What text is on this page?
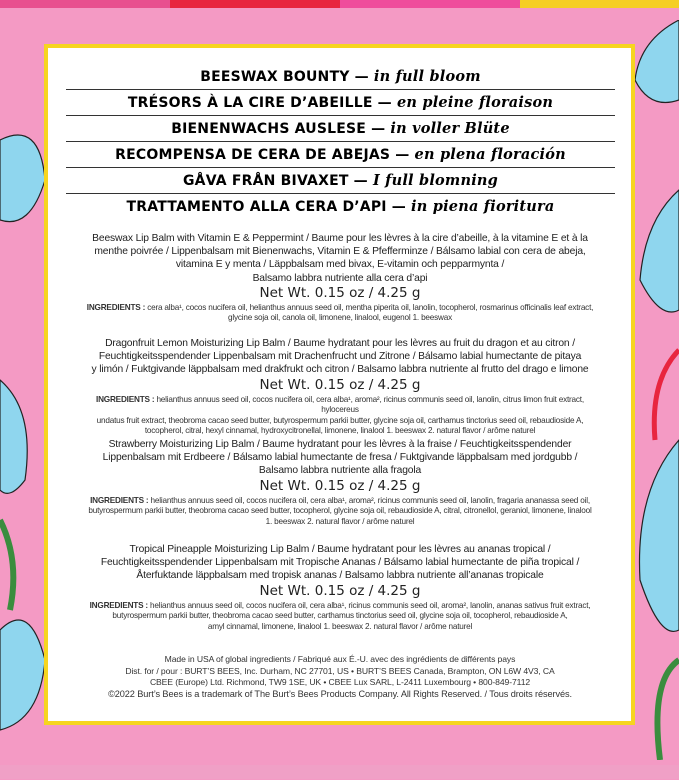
BEESWAX BOUNTY — in full bloom
TRÉSORS À LA CIRE D’ABEILLE — en pleine floraison
BIENENWACHS AUSLESE — in voller Blüte
RECOMPENSA DE CERA DE ABEJAS — en plena floración
GÅVA FRÅN BIVAXET — I full blomning
TRATTAMENTO ALLA CERA D’API — in piena fioritura
Beeswax Lip Balm with Vitamin E & Peppermint / Baume pour les lèvres à la cire d’abeille, à la vitamine E et à la
menthe poivrée / Lippenbalsam mit Bienenwachs, Vitamin E & Pfefferminze / Bálsamo labial con cera de abeja,
vitamina E y menta / Läppbalsam med bivax, E-vitamin och pepparmynta /
Balsamo labbra nutriente alla cera d’api
Net Wt. 0.15 oz / 4.25 g
INGREDIENTS : cera alba¹, cocos nucifera oil, helianthus annuus seed oil, mentha piperita oil, lanolin, tocopherol, rosmarinus officinalis leaf extract,
glycine soja oil, canola oil, limonene, linalool, eugenol 1. beeswax
Dragonfruit Lemon Moisturizing Lip Balm / Baume hydratant pour les lèvres au fruit du dragon et au citron /
Feuchtigkeitsspendender Lippenbalsam mit Drachenfrucht und Zitrone / Bálsamo labial humectante de pitaya
y limón / Fuktgivande läppbalsam med drakfrukt och citron / Balsamo labbra nutriente al frutto del drago e limone
Net Wt. 0.15 oz / 4.25 g
INGREDIENTS : helianthus annuus seed oil, cocos nucifera oil, cera alba¹, aroma², ricinus communis seed oil, lanolin, citrus limon fruit extract, hylocereus
undatus fruit extract, theobroma cacao seed butter, butyrospermum parkii butter, glycine soja oil, carthamus tinctorius seed oil, rebaudioside A,
tocopherol, citral, hexyl cinnamal, hydroxycitronellal, limonene, linalool 1. beeswax 2. natural flavor / arôme naturel
Strawberry Moisturizing Lip Balm / Baume hydratant pour les lèvres à la fraise / Feuchtigkeitsspendender
Lippenbalsam mit Erdbeere / Bálsamo labial humectante de fresa / Fuktgivande läppbalsam med jordgubb /
Balsamo labbra nutriente alla fragola
Net Wt. 0.15 oz / 4.25 g
INGREDIENTS : helianthus annuus seed oil, cocos nucifera oil, cera alba¹, aroma², ricinus communis seed oil, lanolin, fragaria ananassa seed oil,
butyrospermum parkii butter, theobroma cacao seed butter, tocopherol, glycine soja oil, rebaudioside A, citral, citronellol, geraniol, limonene, linalool
1. beeswax 2. natural flavor / arôme naturel
Tropical Pineapple Moisturizing Lip Balm / Baume hydratant pour les lèvres au ananas tropical /
Feuchtigkeitsspendender Lippenbalsam mit Tropische Ananas / Bálsamo labial humectante de piña tropical /
Återfuktande läppbalsam med tropisk ananas / Balsamo labbra nutriente all’ananas tropicale
Net Wt. 0.15 oz / 4.25 g
INGREDIENTS : helianthus annuus seed oil, cocos nucifera oil, cera alba¹, ricinus communis seed oil, aroma², lanolin, ananas sativus fruit extract,
butyrospermum parkii butter, theobroma cacao seed butter, carthamus tinctorius seed oil, glycine soja oil, tocopherol, rebaudioside A,
amyl cinnamal, limonene, linalool 1. beeswax 2. natural flavor / arôme naturel
Made in USA of global ingredients / Fabriqué aux É.-U. avec des ingrédients de différents pays
Dist. for / pour : BURT’S BEES, Inc. Durham, NC 27701, US • BURT’S BEES Canada, Brampton, ON L6W 4V3, CA
CBEE (Europe) Ltd. Richmond, TW9 1SE, UK • CBEE Lux SARL, L-2411 Luxembourg • 800-849-7112
©2022 Burt’s Bees is a trademark of The Burt’s Bees Products Company. All Rights Reserved. / Tous droits réservés.
